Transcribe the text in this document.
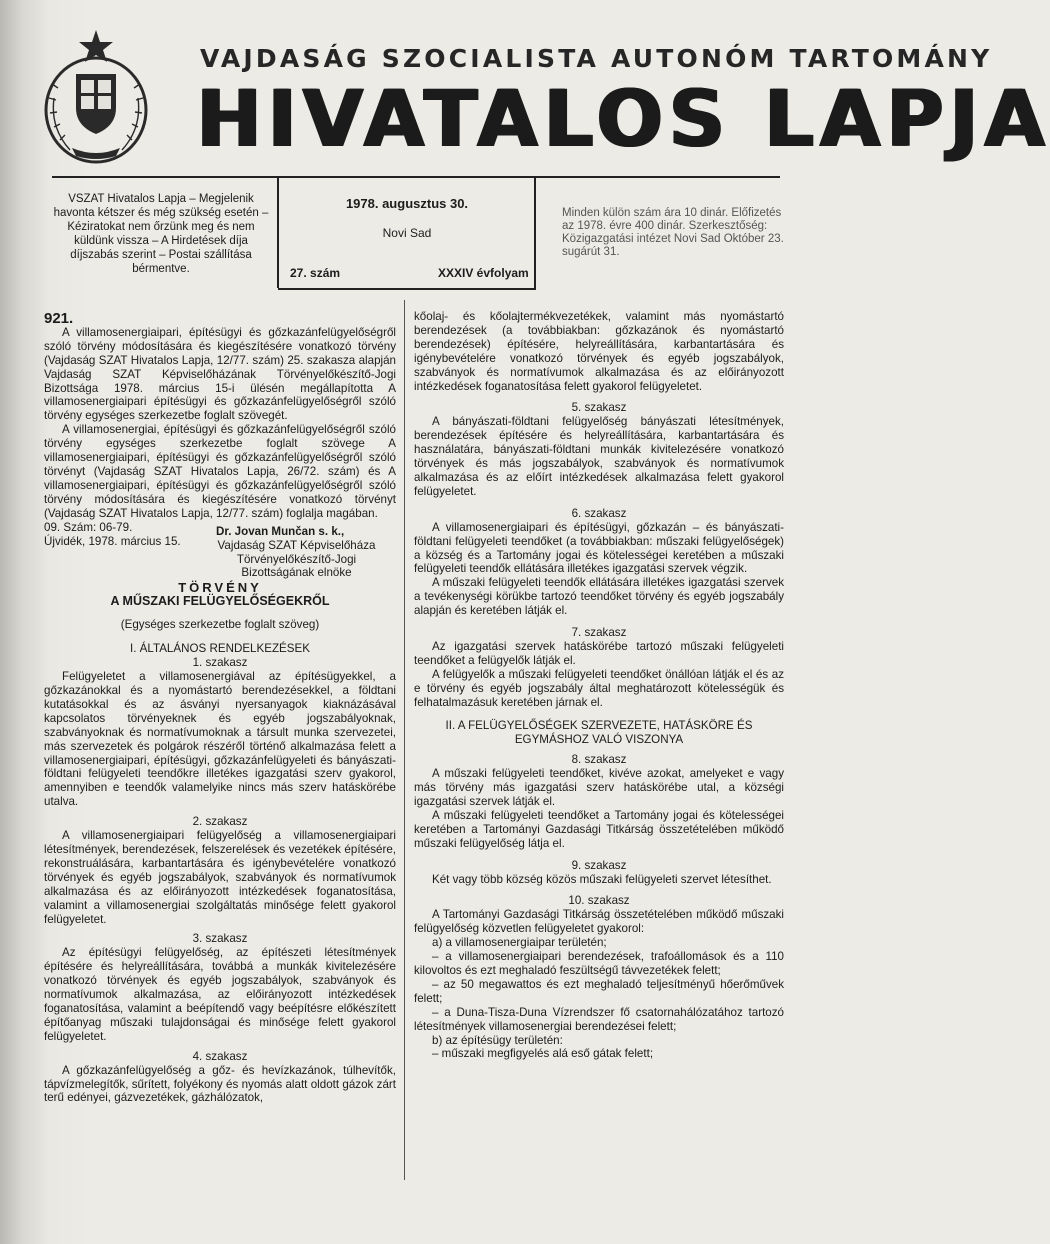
VAJDASÁG SZOCIALISTA AUTONÓM TARTOMÁNY
HIVATALOS LAPJA
VSZAT Hivatalos Lapja – Megjelenik havonta kétszer és még szükség esetén – Kéziratokat nem őrzünk meg és nem küldünk vissza – A Hirdetések díja díjszabás szerint – Postai szállítása bérmentve.
1978. augusztus 30.
Novi Sad
27. szám	XXXIV évfolyam
Minden külön szám ára 10 dinár. Előfizetés az 1978. évre 400 dinár. Szerkesztőség: Közigazgatási intézet Novi Sad Október 23. sugárút 31.

921.

A villamosenergiaipari, építésügyi és gőzkazánfelügyelőségről szóló törvény módosítására és kiegészítésére vonatkozó törvény (Vajdaság SZAT Hivatalos Lapja, 12/77. szám) 25. szakasza alapján Vajdaság SZAT Képviselőházának Törvényelőkészítő-Jogi Bizottsága 1978. március 15-i ülésén megállapította A villamosenergiaipari építésügyi és gőzkazánfelügyelőségről szóló törvény egységes szerkezetbe foglalt szövegét.

A villamosenergiai, építésügyi és gőzkazánfelügyelőségről szóló törvény egységes szerkezetbe foglalt szövege A villamosenergiaipari, építésügyi és gőzkazánfelügyelőségről szóló törvényt (Vajdaság SZAT Hivatalos Lapja, 26/72. szám) és A villamosenergiaipari, építésügyi és gőzkazánfelügyelőségről szóló törvény módosítására és kiegészítésére vonatkozó törvényt (Vajdaság SZAT Hivatalos Lapja, 12/77. szám) foglalja magában.

09. Szám: 06-79.
Újvidék, 1978. március 15.
Dr. Jovan Munčan s. k.,
Vajdaság SZAT Képviselőháza
Törvényelőkészítő-Jogi
Bizottságának elnöke

TÖRVÉNY

A MŰSZAKI FELÜGYELŐSÉGEKRŐL

(Egységes szerkezetbe foglalt szöveg)

I. ÁLTALÁNOS RENDELKEZÉSEK

1. szakasz

Felügyeletet a villamosenergiával az építésügyekkel, a gőzkazánokkal és a nyomástartó berendezésekkel, a földtani kutatásokkal és az ásványi nyersanyagok kiaknázásával kapcsolatos törvényeknek és egyéb jogszabályoknak, szabványoknak és normatívumoknak a társult munka szervezetei, más szervezetek és polgárok részéről történő alkalmazása felett a villamosenergiaipari, építésügyi, gőzkazánfelügyeleti és bányászati-földtani felügyeleti teendőkre illetékes igazgatási szerv gyakorol, amennyiben e teendők valamelyike nincs más szerv hatáskörébe utalva.

2. szakasz

A villamosenergiaipari felügyelőség a villamosenergiaipari létesítmények, berendezések, felszerelések és vezetékek építésére, rekonstruálására, karbantartására és igénybevételére vonatkozó törvények és egyéb jogszabályok, szabványok és normatívumok alkalmazása és az előirányozott intézkedések foganatosítása, valamint a villamosenergiai szolgáltatás minősége felett gyakorol felügyeletet.

3. szakasz

Az építésügyi felügyelőség, az építészeti létesítmények építésére és helyreállítására, továbbá a munkák kivitelezésére vonatkozó törvények és egyéb jogszabályok, szabványok és normatívumok alkalmazása, az előirányozott intézkedések foganatosítása, valamint a beépítendő vagy beépítésre előkészített építőanyag műszaki tulajdonságai és minősége felett gyakorol felügyeletet.

4. szakasz

A gőzkazánfelügyelőség a gőz- és hevízkazánok, túlhevítők, tápvízmelegítők, sűrített, folyékony és nyomás alatt oldott gázok zárt terű edényei, gázvezetékek, gázhálózatok,

kőolaj- és kőolajtermékvezetékek, valamint más nyomástartó berendezések (a továbbiakban: gőzkazánok és nyomástartó berendezések) építésére, helyreállítására, karbantartására és igénybevételére vonatkozó törvények és egyéb jogszabályok, szabványok és normatívumok alkalmazása és az előirányozott intézkedések foganatosítása felett gyakorol felügyeletet.

5. szakasz

A bányászati-földtani felügyelőség bányászati létesítmények, berendezések építésére és helyreállítására, karbantartására és használatára, bányászati-földtani munkák kivitelezésére vonatkozó törvények és más jogszabályok, szabványok és normatívumok alkalmazása és az előírt intézkedések alkalmazása felett gyakorol felügyeletet.

6. szakasz

A villamosenergiaipari és építésügyi, gőzkazán – és bányászati-földtani felügyeleti teendőket (a továbbiakban: műszaki felügyelőségek) a község és a Tartomány jogai és kötelességei keretében a műszaki felügyeleti teendők ellátására illetékes igazgatási szervek végzik.

A műszaki felügyeleti teendők ellátására illetékes igazgatási szervek a tevékenységi körükbe tartozó teendőket törvény és egyéb jogszabály alapján és keretében látják el.

7. szakasz

Az igazgatási szervek hatáskörébe tartozó műszaki felügyeleti teendőket a felügyelők látják el.

A felügyelők a műszaki felügyeleti teendőket önállóan látják el és az e törvény és egyéb jogszabály által meghatározott kötelességük és felhatalmazásuk keretében járnak el.

II. A FELÜGYELŐSÉGEK SZERVEZETE, HATÁSKÖRE ÉS

EGYMÁSHOZ VALÓ VISZONYA

8. szakasz

A műszaki felügyeleti teendőket, kivéve azokat, amelyeket e vagy más törvény más igazgatási szerv hatáskörébe utal, a községi igazgatási szervek látják el.

A műszaki felügyeleti teendőket a Tartomány jogai és kötelességei keretében a Tartományi Gazdasági Titkárság összetételében működő műszaki felügyelőség látja el.

9. szakasz

Két vagy több község közös műszaki felügyeleti szervet létesíthet.

10. szakasz

A Tartományi Gazdasági Titkárság összetételében működő műszaki felügyelőség közvetlen felügyeletet gyakorol:

a) a villamosenergiaipar területén;

– a villamosenergiaipari berendezések, trafoállomások és a 110 kilovoltos és ezt meghaladó feszültségű távvezetékek felett;

– az 50 megawattos és ezt meghaladó teljesítményű hőerőművek felett;

– a Duna-Tisza-Duna Vízrendszer fő csatornahálózatához tartozó létesítmények villamosenergiai berendezései felett;

b) az építésügy területén:

– műszaki megfigyelés alá eső gátak felett;
